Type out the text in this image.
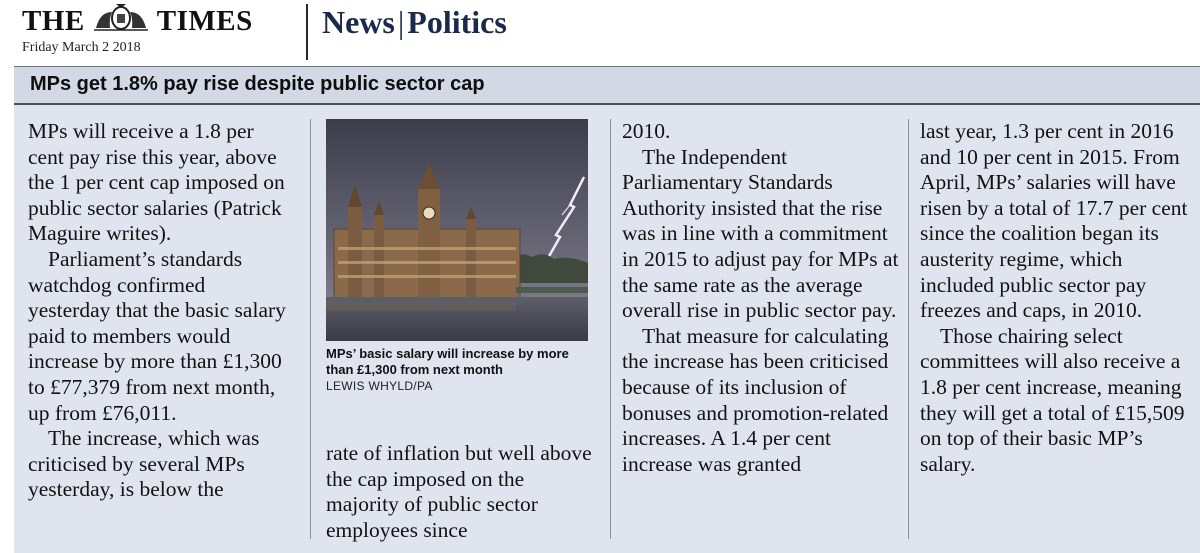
THE TIMES
Friday March 2 2018
News|Politics
MPs get 1.8% pay rise despite public sector cap

MPs will receive a 1.8 per cent pay rise this year, above the 1 per cent cap imposed on public sector salaries (Patrick Maguire writes).

Parliament’s standards watchdog confirmed yesterday that the basic salary paid to members would increase by more than £1,300 to £77,379 from next month, up from £76,011.

The increase, which was criticised by several MPs yesterday, is below the

MPs’ basic salary will increase by more than £1,300 from next month
LEWIS WHYLD/PA

rate of inflation but well above the cap imposed on the majority of public sector employees since

2010.

The Independent Parliamentary Standards Authority insisted that the rise was in line with a commitment in 2015 to adjust pay for MPs at the same rate as the average overall rise in public sector pay.

That measure for calculating the increase has been criticised because of its inclusion of bonuses and promotion-related increases. A 1.4 per cent increase was granted

last year, 1.3 per cent in 2016 and 10 per cent in 2015. From April, MPs’ salaries will have risen by a total of 17.7 per cent since the coalition began its austerity regime, which included public sector pay freezes and caps, in 2010.

Those chairing select committees will also receive a 1.8 per cent increase, meaning they will get a total of £15,509 on top of their basic MP’s salary.
